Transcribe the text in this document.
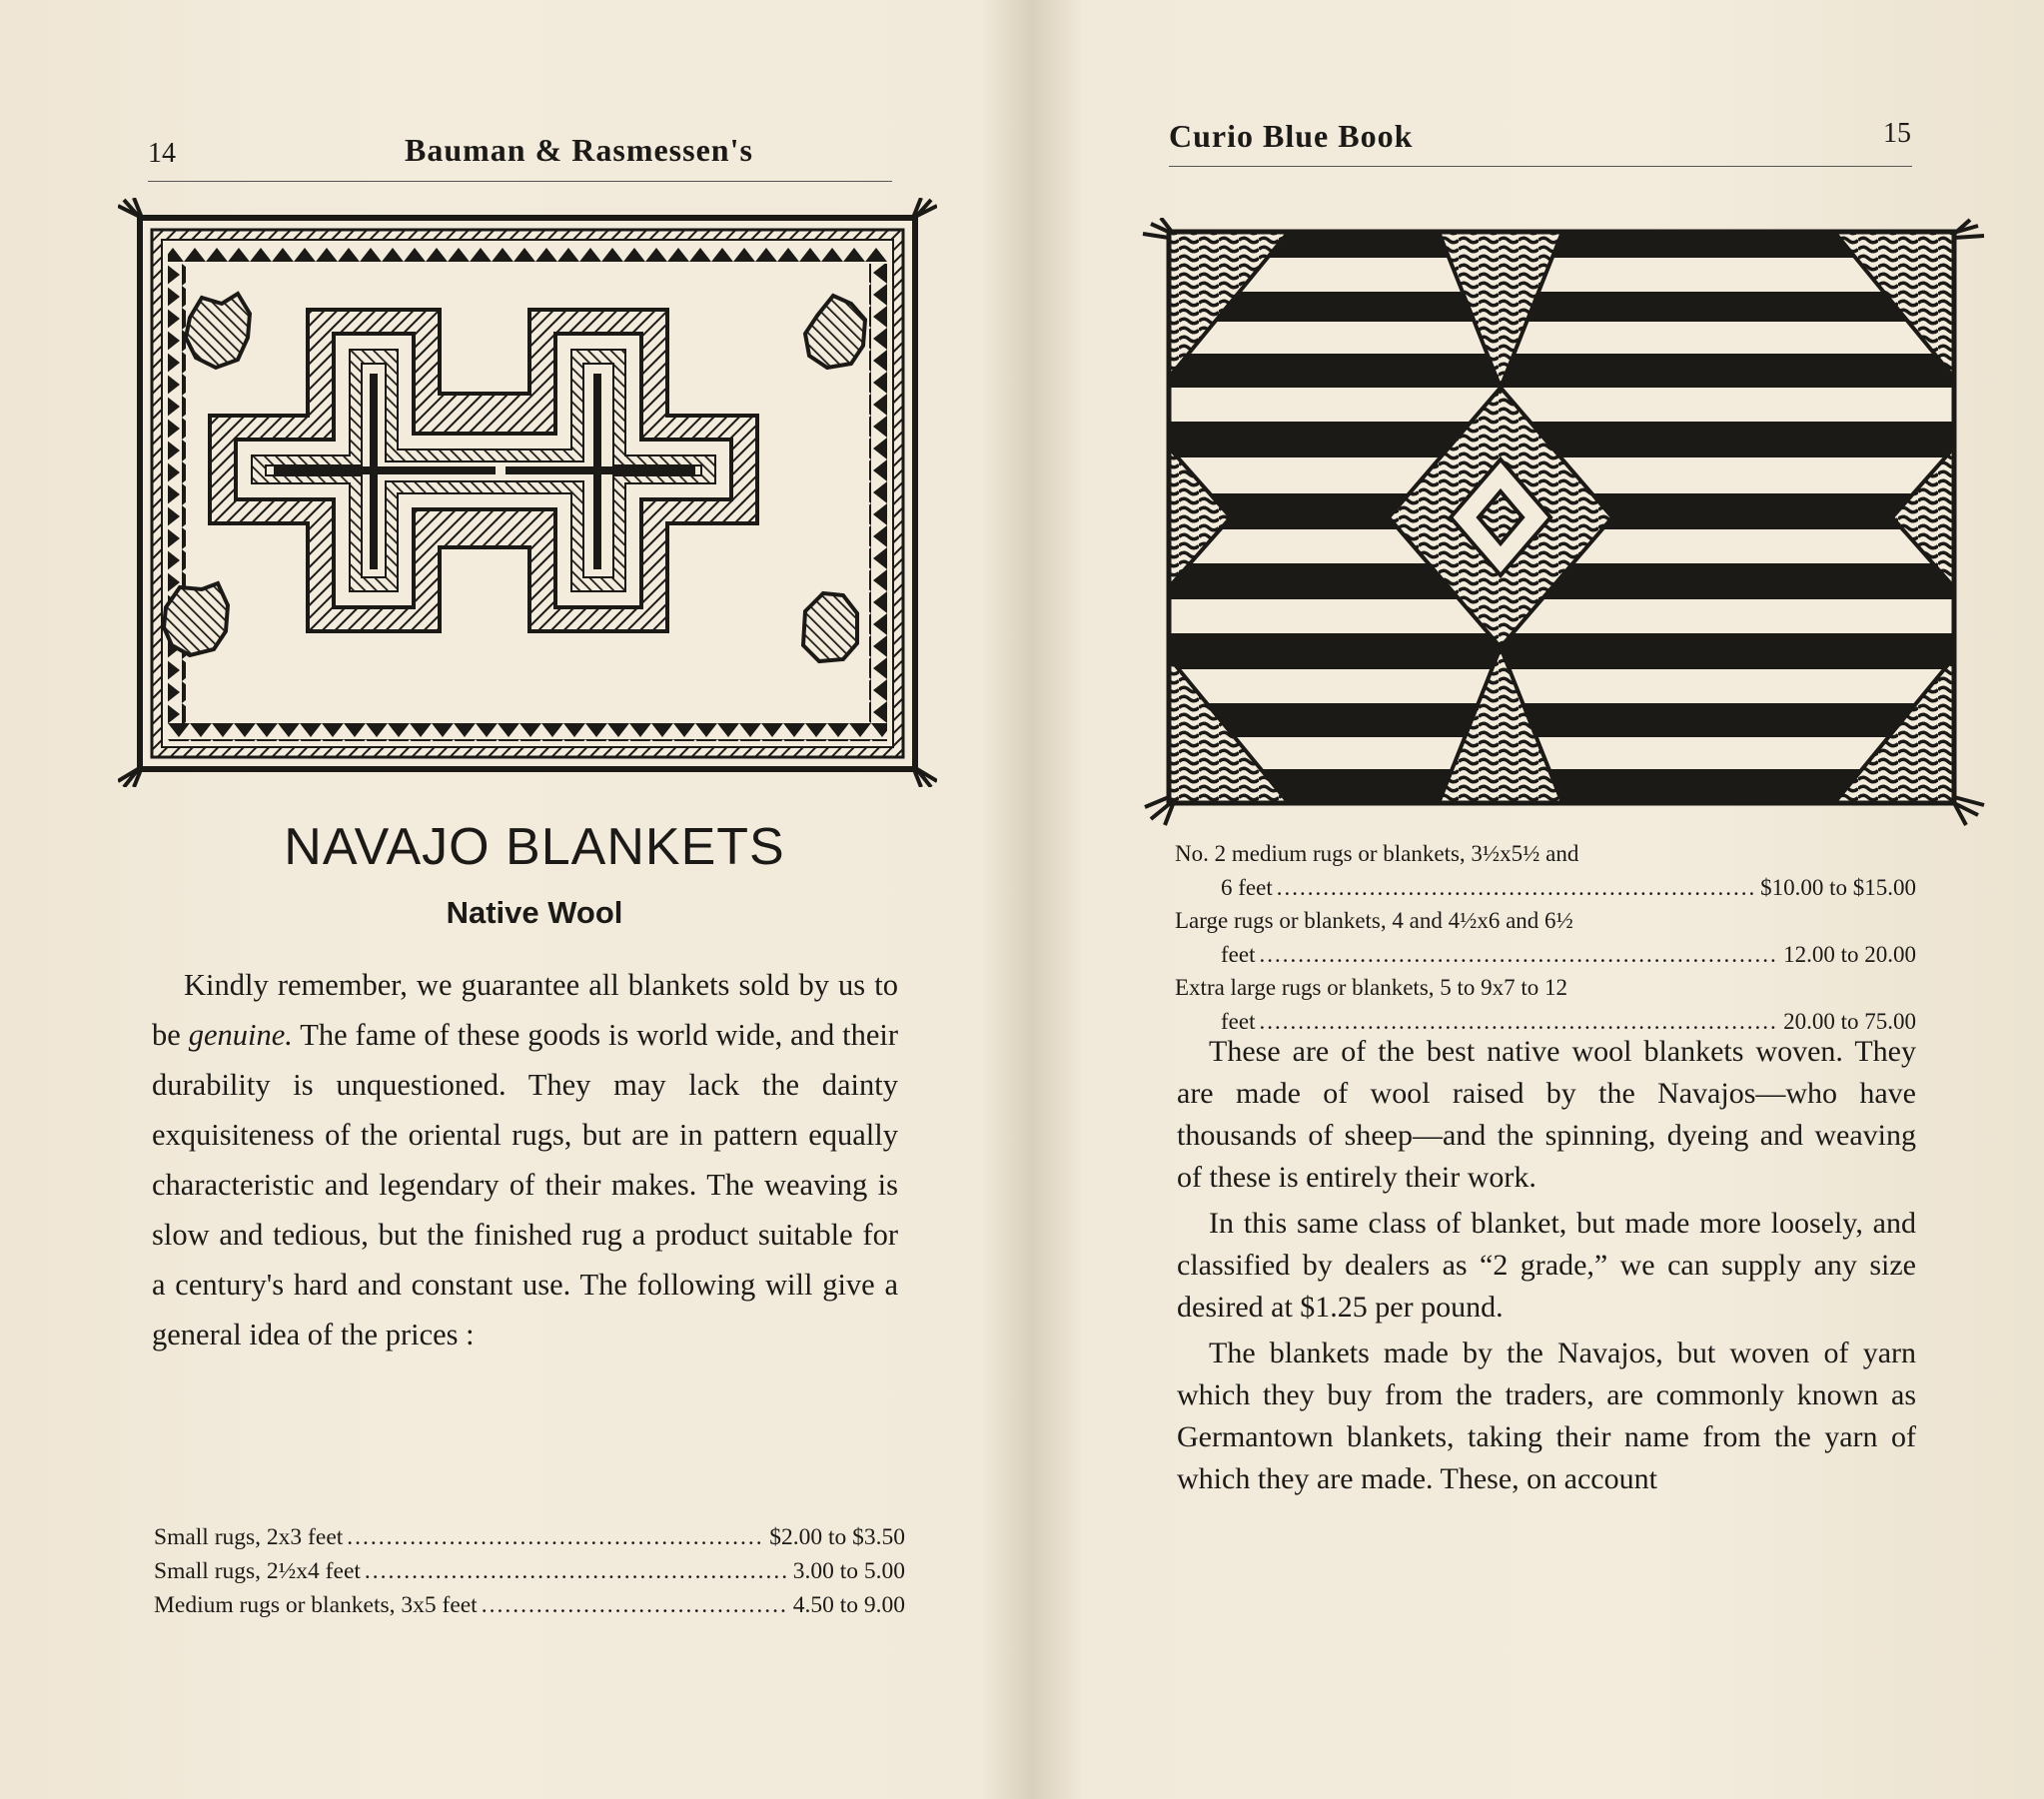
14	Bauman & Rasmessen's
NAVAJO BLANKETS
Native Wool

Kindly remember, we guarantee all blankets sold by us to be genuine. The fame of these goods is world wide, and their durability is unquestioned. They may lack the dainty exquisiteness of the oriental rugs, but are in pattern equally characteristic and legendary of their makes. The weaving is slow and tedious, but the finished rug a product suitable for a century's hard and constant use. The following will give a general idea of the prices :

Small rugs, 2x3 feet .....	$2.00 to $3.50
Small rugs, 2½x4 feet .....	3.00 to 5.00
Medium rugs or blankets, 3x5 feet .....	4.50 to 9.00
Curio Blue Book	15
No. 2 medium rugs or blankets, 3½x5½ and
6 feet .....	$10.00 to $15.00
Large rugs or blankets, 4 and 4½x6 and 6½
feet .....	12.00 to 20.00
Extra large rugs or blankets, 5 to 9x7 to 12
feet .....	20.00 to 75.00

These are of the best native wool blankets woven. They are made of wool raised by the Navajos—who have thousands of sheep—and the spinning, dyeing and weaving of these is entirely their work.

In this same class of blanket, but made more loosely, and classified by dealers as “2 grade,” we can supply any size desired at $1.25 per pound.

The blankets made by the Navajos, but woven of yarn which they buy from the traders, are commonly known as Germantown blankets, taking their name from the yarn of which they are made. These, on account
